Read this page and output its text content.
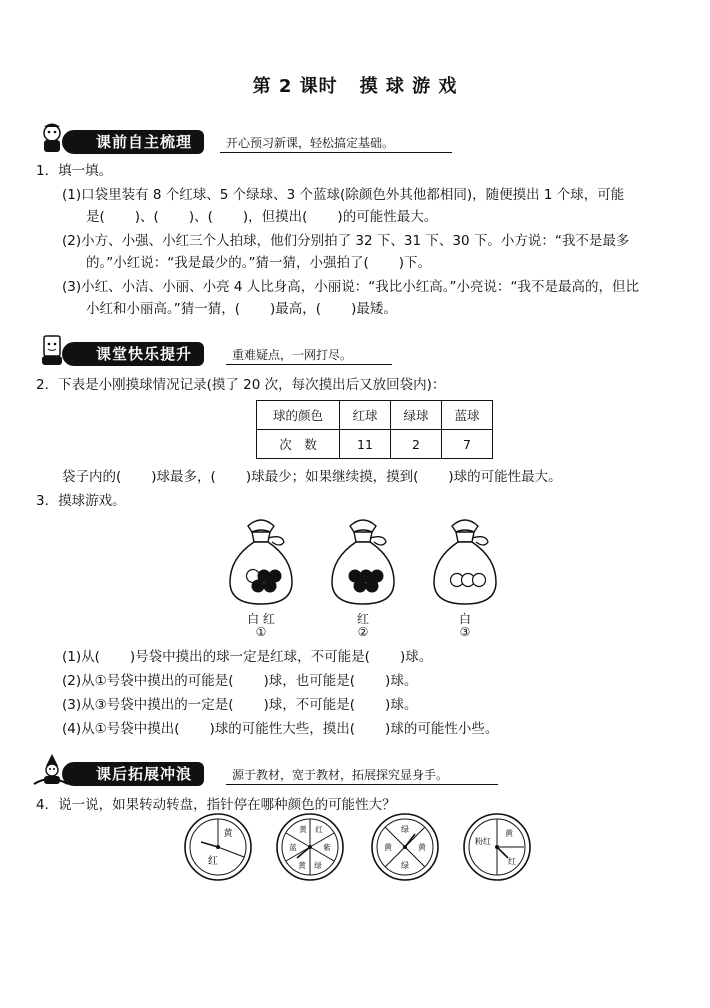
第 2 课时 摸 球 游 戏
课前自主梳理	开心预习新课，轻松搞定基础。
1．填一填。
(1)口袋里装有 8 个红球、5 个绿球、3 个蓝球(除颜色外其他都相同)，随便摸出 1 个球，可能
是( )、( )、( )，但摸出( )的可能性最大。
(2)小方、小强、小红三个人拍球，他们分别拍了 32 下、31 下、30 下。小方说：“我不是最多
的。”小红说：“我是最少的。”猜一猜，小强拍了( )下。
(3)小红、小洁、小丽、小亮 4 人比身高，小丽说：“我比小红高。”小亮说：“我不是最高的，但比
小红和小丽高。”猜一猜，( )最高，( )最矮。
课堂快乐提升	重难疑点，一网打尽。
2．下表是小刚摸球情况记录(摸了 20 次，每次摸出后又放回袋内)：
球的颜色	红球	绿球	蓝球
次　数	11	2	7
袋子内的( )球最多，( )球最少；如果继续摸，摸到( )球的可能性最大。
3．摸球游戏。
白 红
①
红
②
白
③
(1)从( )号袋中摸出的球一定是红球，不可能是( )球。
(2)从①号袋中摸出的可能是( )球，也可能是( )球。
(3)从③号袋中摸出的一定是( )球，不可能是( )球。
(4)从①号袋中摸出( )球的可能性大些，摸出( )球的可能性小些。
课后拓展冲浪	源于教材，宽于教材，拓展探究显身手。
4．说一说，如果转动转盘，指针停在哪种颜色的可能性大？
黄
红
黄 红
紫
绿
黄
蓝
绿
黄
黄
绿
粉红
黄
红
